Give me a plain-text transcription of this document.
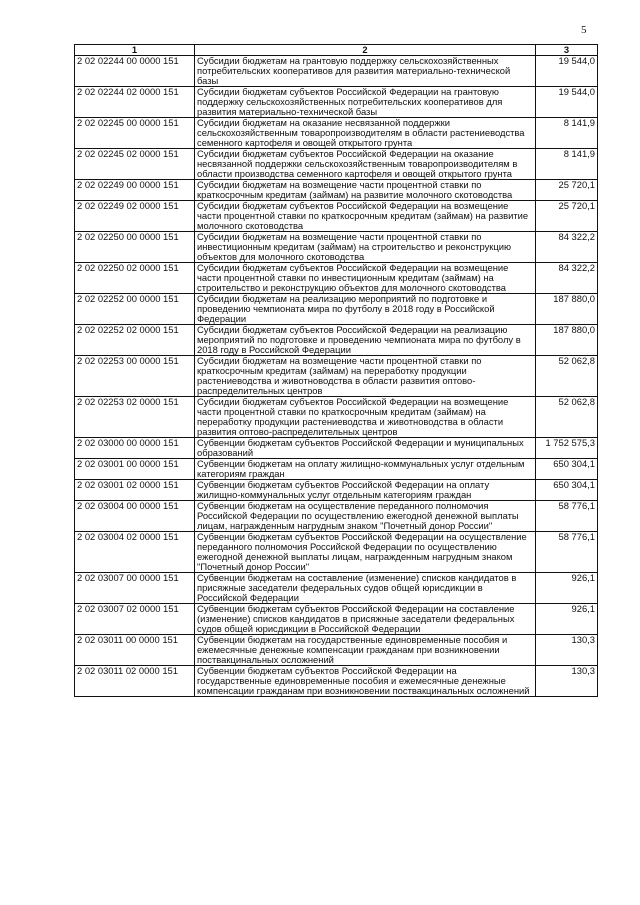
5
1	2	3
2 02 02244 00 0000 151	Субсидии бюджетам на грантовую поддержку сельскохозяйственных потребительских кооперативов для развития материально-технической базы	19 544,0
2 02 02244 02 0000 151	Субсидии бюджетам субъектов Российской Федерации на грантовую поддержку сельскохозяйственных потребительских кооперативов для развития материально-технической базы	19 544,0
2 02 02245 00 0000 151	Субсидии бюджетам на оказание несвязанной поддержки сельскохозяйственным товаропроизводителям в области растениеводства семенного картофеля и овощей открытого грунта	8 141,9
2 02 02245 02 0000 151	Субсидии бюджетам субъектов Российской Федерации на оказание несвязанной поддержки сельскохозяйственным товаропроизводителям в области производства семенного картофеля и овощей открытого грунта	8 141,9
2 02 02249 00 0000 151	Субсидии бюджетам на возмещение части процентной ставки по краткосрочным кредитам (займам) на развитие молочного скотоводства	25 720,1
2 02 02249 02 0000 151	Субсидии бюджетам субъектов Российской Федерации на возмещение части процентной ставки по краткосрочным кредитам (займам) на развитие молочного скотоводства	25 720,1
2 02 02250 00 0000 151	Субсидии бюджетам на возмещение части процентной ставки по инвестиционным кредитам (займам) на строительство и реконструкцию объектов для молочного скотоводства	84 322,2
2 02 02250 02 0000 151	Субсидии бюджетам субъектов Российской Федерации на возмещение части процентной ставки по инвестиционным кредитам (займам) на строительство и реконструкцию объектов для молочного скотоводства	84 322,2
2 02 02252 00 0000 151	Субсидии бюджетам на реализацию мероприятий по подготовке и проведению чемпионата мира по футболу в 2018 году в Российской Федерации	187 880,0
2 02 02252 02 0000 151	Субсидии бюджетам субъектов Российской Федерации на реализацию мероприятий по подготовке и проведению чемпионата мира по футболу в 2018 году в Российской Федерации	187 880,0
2 02 02253 00 0000 151	Субсидии бюджетам на возмещение части процентной ставки по краткосрочным кредитам (займам) на переработку продукции растениеводства и животноводства в области развития оптово-распределительных центров	52 062,8
2 02 02253 02 0000 151	Субсидии бюджетам субъектов Российской Федерации на возмещение части процентной ставки по краткосрочным кредитам (займам) на переработку продукции растениеводства и животноводства в области развития оптово-распределительных центров	52 062,8
2 02 03000 00 0000 151	Субвенции бюджетам субъектов Российской Федерации и муниципальных образований	1 752 575,3
2 02 03001 00 0000 151	Субвенции бюджетам на оплату жилищно-коммунальных услуг отдельным категориям граждан	650 304,1
2 02 03001 02 0000 151	Субвенции бюджетам субъектов Российской Федерации на оплату жилищно-коммунальных услуг отдельным категориям граждан	650 304,1
2 02 03004 00 0000 151	Субвенции бюджетам на осуществление переданного полномочия Российской Федерации по осуществлению ежегодной денежной выплаты лицам, награжденным нагрудным знаком "Почетный донор России"	58 776,1
2 02 03004 02 0000 151	Субвенции бюджетам субъектов Российской Федерации на осуществление переданного полномочия Российской Федерации по осуществлению ежегодной денежной выплаты лицам, награжденным нагрудным знаком "Почетный донор России"	58 776,1
2 02 03007 00 0000 151	Субвенции бюджетам на составление (изменение) списков кандидатов в присяжные заседатели федеральных судов общей юрисдикции в Российской Федерации	926,1
2 02 03007 02 0000 151	Субвенции бюджетам субъектов Российской Федерации на составление (изменение) списков кандидатов в присяжные заседатели федеральных судов общей юрисдикции в Российской Федерации	926,1
2 02 03011 00 0000 151	Субвенции бюджетам на государственные единовременные пособия и ежемесячные денежные компенсации гражданам при возникновении поствакцинальных осложнений	130,3
2 02 03011 02 0000 151	Субвенции бюджетам субъектов Российской Федерации на государственные единовременные пособия и ежемесячные денежные компенсации гражданам при возникновении поствакцинальных осложнений	130,3
